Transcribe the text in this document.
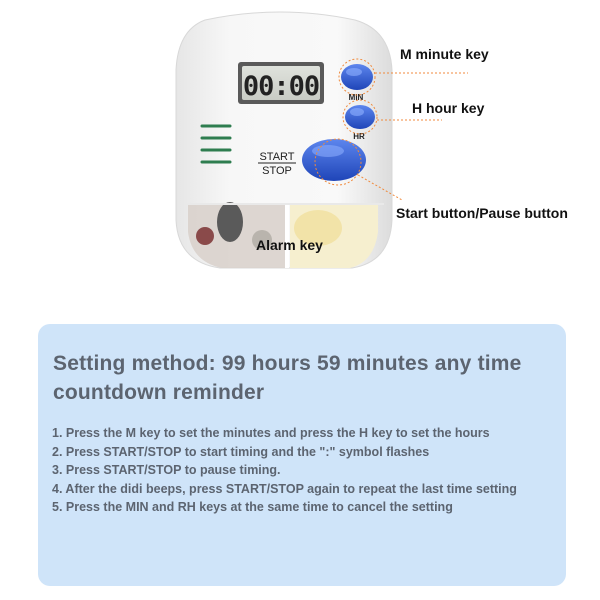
00:00	MIN
HR
START
STOP
M minute key
H hour key
Start button/Pause button
Alarm key
Setting method: 99 hours 59 minutes any time countdown reminder
1. Press the M key to set the minutes and press the H key to set the hours
2. Press START/STOP to start timing and the ":" symbol flashes
3. Press START/STOP to pause timing.
4. After the didi beeps, press START/STOP again to repeat the last time setting
5. Press the MIN and RH keys at the same time to cancel the setting
